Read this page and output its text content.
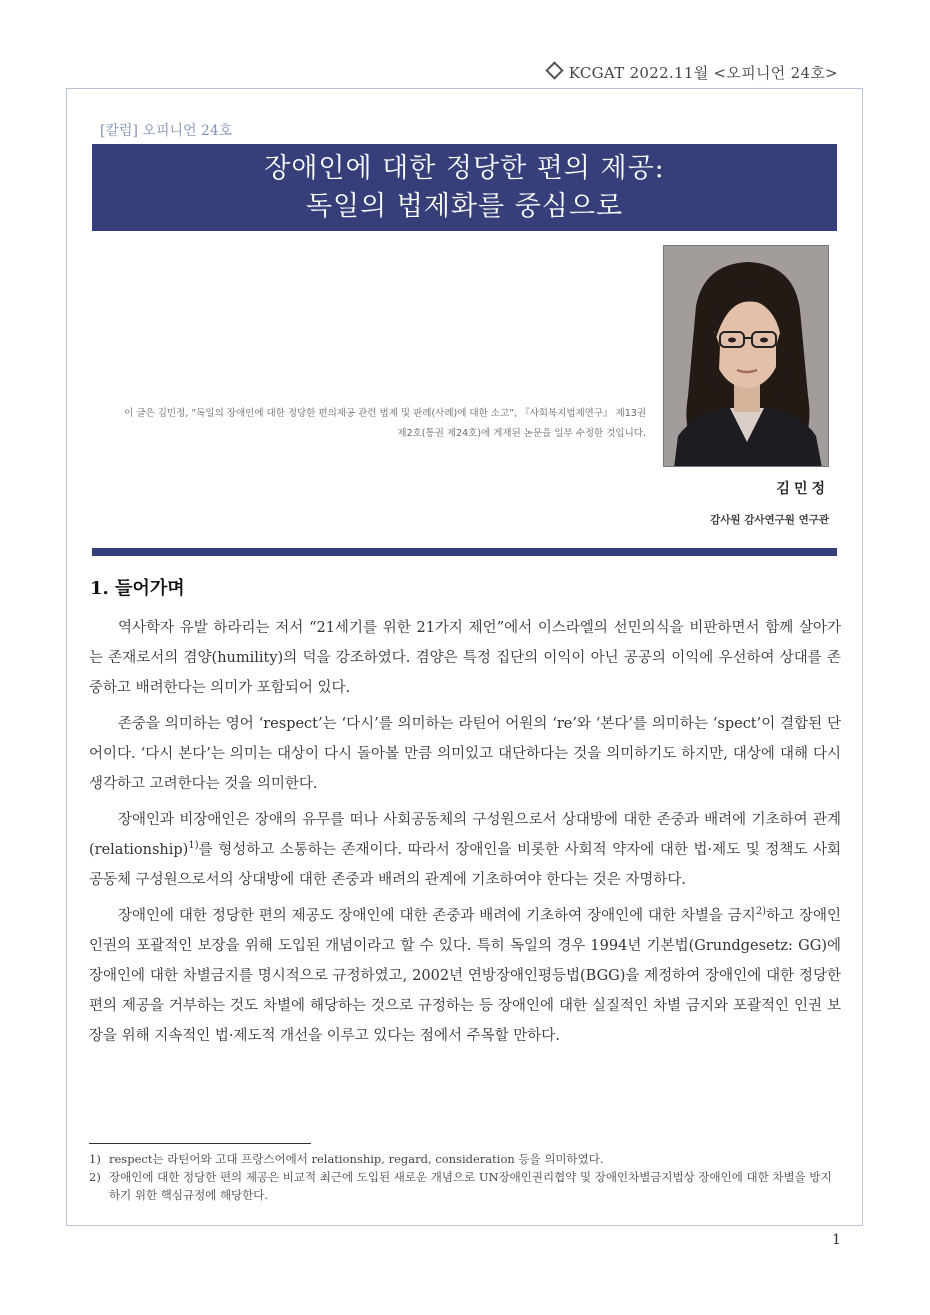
KCGAT 2022.11월 <오피니언 24호>
[칼럼] 오피니언 24호
장애인에 대한 정당한 편의 제공:
독일의 법제화를 중심으로
이 글은 김민정, “독일의 장애인에 대한 정당한 편의제공 관련 법제 및 판례(사례)에 대한 소고”, 『사회복지법제연구』 제13권
제2호(통권 제24호)에 게재된 논문을 일부 수정한 것입니다.
김민정
감사원 감사연구원 연구관
1. 들어가며

역사학자 유발 하라리는 저서 “21세기를 위한 21가지 제언”에서 이스라엘의 선민의식을 비판하면서 함께 살아가는 존재로서의 겸양(humility)의 덕을 강조하였다. 겸양은 특정 집단의 이익이 아닌 공공의 이익에 우선하여 상대를 존중하고 배려한다는 의미가 포함되어 있다.

존중을 의미하는 영어 ‘respect’는 ‘다시’를 의미하는 라틴어 어원의 ‘re’와 ‘본다’를 의미하는 ‘spect’이 결합된 단어이다. ‘다시 본다’는 의미는 대상이 다시 돌아볼 만큼 의미있고 대단하다는 것을 의미하기도 하지만, 대상에 대해 다시 생각하고 고려한다는 것을 의미한다.

장애인과 비장애인은 장애의 유무를 떠나 사회공동체의 구성원으로서 상대방에 대한 존중과 배려에 기초하여 관계(relationship)$^{1)}$를 형성하고 소통하는 존재이다. 따라서 장애인을 비롯한 사회적 약자에 대한 법·제도 및 정책도 사회공동체 구성원으로서의 상대방에 대한 존중과 배려의 관계에 기초하여야 한다는 것은 자명하다.

장애인에 대한 정당한 편의 제공도 장애인에 대한 존중과 배려에 기초하여 장애인에 대한 차별을 금지$^{2)}$하고 장애인 인권의 포괄적인 보장을 위해 도입된 개념이라고 할 수 있다. 특히 독일의 경우 1994년 기본법(Grundgesetz: GG)에 장애인에 대한 차별금지를 명시적으로 규정하였고, 2002년 연방장애인평등법(BGG)을 제정하여 장애인에 대한 정당한 편의 제공을 거부하는 것도 차별에 해당하는 것으로 규정하는 등 장애인에 대한 실질적인 차별 금지와 포괄적인 인권 보장을 위해 지속적인 법·제도적 개선을 이루고 있다는 점에서 주목할 만하다.

1) respect는 라틴어와 고대 프랑스어에서 relationship, regard, consideration 등을 의미하였다.
2) 장애인에 대한 정당한 편의 제공은 비교적 최근에 도입된 새로운 개념으로 UN장애인권리협약 및 장애인차별금지법상 장애인에 대한 차별을 방지하기 위한 핵심규정에 해당한다.
1
